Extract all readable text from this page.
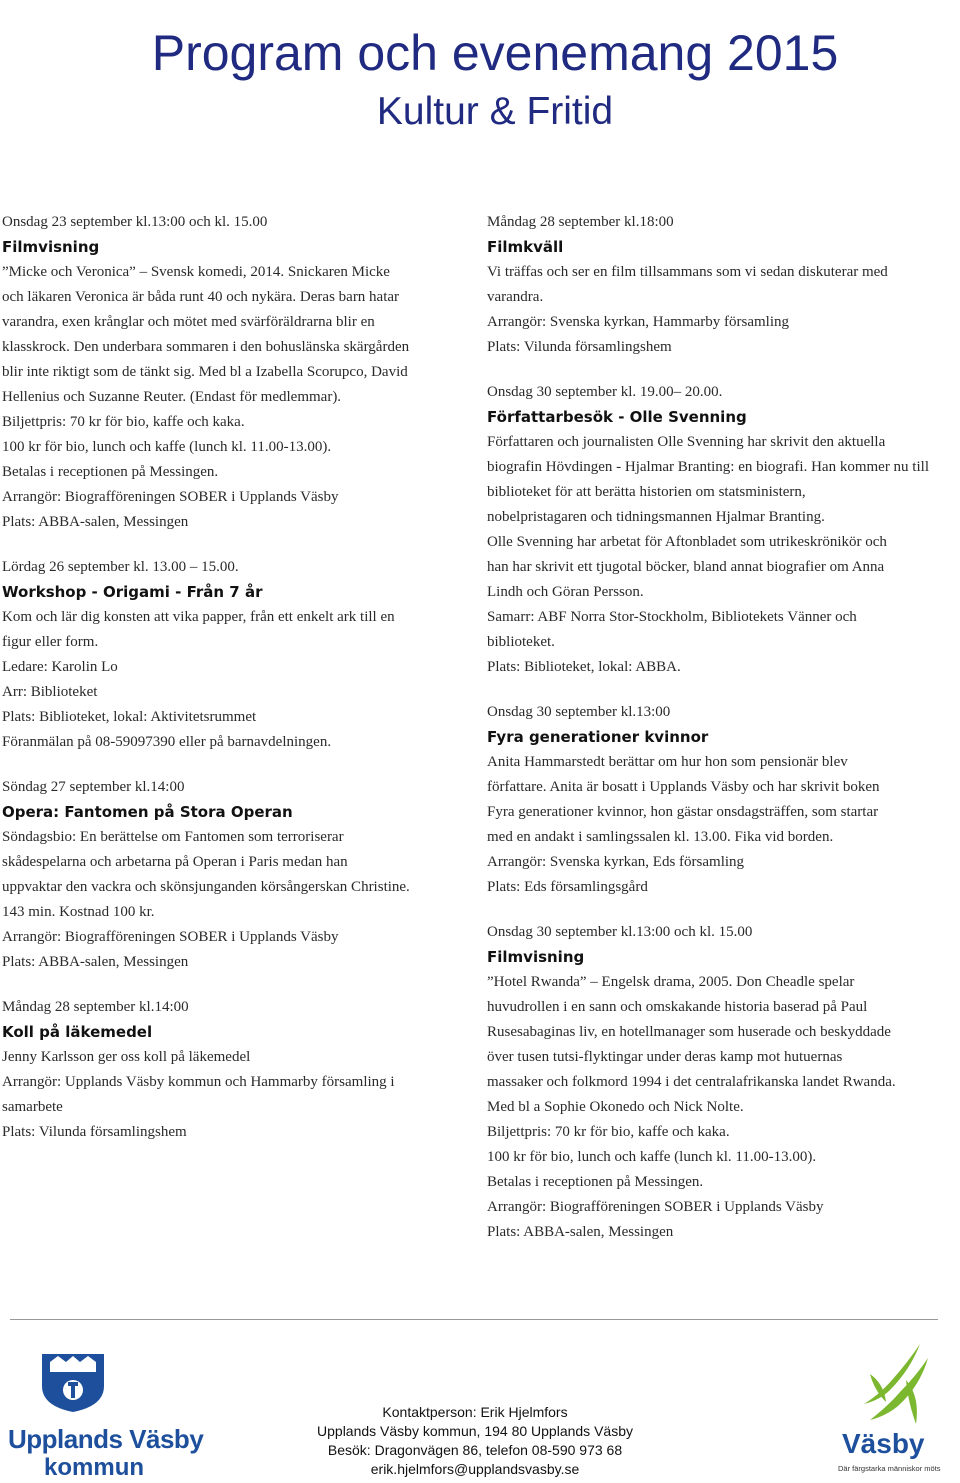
Program och evenemang 2015
Kultur & Fritid
Onsdag 23 september kl.13:00 och kl. 15.00
Filmvisning
”Micke och Veronica” – Svensk komedi, 2014. Snickaren Micke
och läkaren Veronica är båda runt 40 och nykära. Deras barn hatar
varandra, exen krånglar och mötet med svärföräldrarna blir en
klasskrock. Den underbara sommaren i den bohuslänska skärgården
blir inte riktigt som de tänkt sig. Med bl a Izabella Scorupco, David
Hellenius och Suzanne Reuter. (Endast för medlemmar).
Biljettpris: 70 kr för bio, kaffe och kaka.
100 kr för bio, lunch och kaffe (lunch kl. 11.00-13.00).
Betalas i receptionen på Messingen.
Arrangör: Biografföreningen SOBER i Upplands Väsby
Plats: ABBA-salen, Messingen
Lördag 26 september kl. 13.00 – 15.00.
Workshop - Origami - Från 7 år
Kom och lär dig konsten att vika papper, från ett enkelt ark till en
figur eller form.
Ledare: Karolin Lo
Arr: Biblioteket
Plats: Biblioteket, lokal: Aktivitetsrummet
Föranmälan på 08-59097390 eller på barnavdelningen.
Söndag 27 september kl.14:00
Opera: Fantomen på Stora Operan
Söndagsbio: En berättelse om Fantomen som terroriserar
skådespelarna och arbetarna på Operan i Paris medan han
uppvaktar den vackra och skönsjunganden körsångerskan Christine.
143 min. Kostnad 100 kr.
Arrangör: Biografföreningen SOBER i Upplands Väsby
Plats: ABBA-salen, Messingen
Måndag 28 september kl.14:00
Koll på läkemedel
Jenny Karlsson ger oss koll på läkemedel
Arrangör: Upplands Väsby kommun och Hammarby församling i
samarbete
Plats: Vilunda församlingshem
Måndag 28 september kl.18:00
Filmkväll
Vi träffas och ser en film tillsammans som vi sedan diskuterar med
varandra.
Arrangör: Svenska kyrkan, Hammarby församling
Plats: Vilunda församlingshem
Onsdag 30 september kl. 19.00– 20.00.
Författarbesök - Olle Svenning
Författaren och journalisten Olle Svenning har skrivit den aktuella
biografin Hövdingen - Hjalmar Branting: en biografi. Han kommer nu till
biblioteket för att berätta historien om statsministern,
nobelpristagaren och tidningsmannen Hjalmar Branting.
Olle Svenning har arbetat för Aftonbladet som utrikeskrönikör och
han har skrivit ett tjugotal böcker, bland annat biografier om Anna
Lindh och Göran Persson.
Samarr: ABF Norra Stor-Stockholm, Bibliotekets Vänner och
biblioteket.
Plats: Biblioteket, lokal: ABBA.
Onsdag 30 september kl.13:00
Fyra generationer kvinnor
Anita Hammarstedt berättar om hur hon som pensionär blev
författare. Anita är bosatt i Upplands Väsby och har skrivit boken
Fyra generationer kvinnor, hon gästar onsdagsträffen, som startar
med en andakt i samlingssalen kl. 13.00. Fika vid borden.
Arrangör: Svenska kyrkan, Eds församling
Plats: Eds församlingsgård
Onsdag 30 september kl.13:00 och kl. 15.00
Filmvisning
”Hotel Rwanda” – Engelsk drama, 2005. Don Cheadle spelar
huvudrollen i en sann och omskakande historia baserad på Paul
Rusesabaginas liv, en hotellmanager som huserade och beskyddade
över tusen tutsi-flyktingar under deras kamp mot hutuernas
massaker och folkmord 1994 i det centralafrikanska landet Rwanda.
Med bl a Sophie Okonedo och Nick Nolte.
Biljettpris: 70 kr för bio, kaffe och kaka.
100 kr för bio, lunch och kaffe (lunch kl. 11.00-13.00).
Betalas i receptionen på Messingen.
Arrangör: Biografföreningen SOBER i Upplands Väsby
Plats: ABBA-salen, Messingen
Upplands Väsby
kommun
Kontaktperson: Erik Hjelmfors
Upplands Väsby kommun, 194 80 Upplands Väsby
Besök: Dragonvägen 86, telefon 08-590 973 68
erik.hjelmfors@upplandsvasby.se
Väsby
Där färgstarka människor möts
